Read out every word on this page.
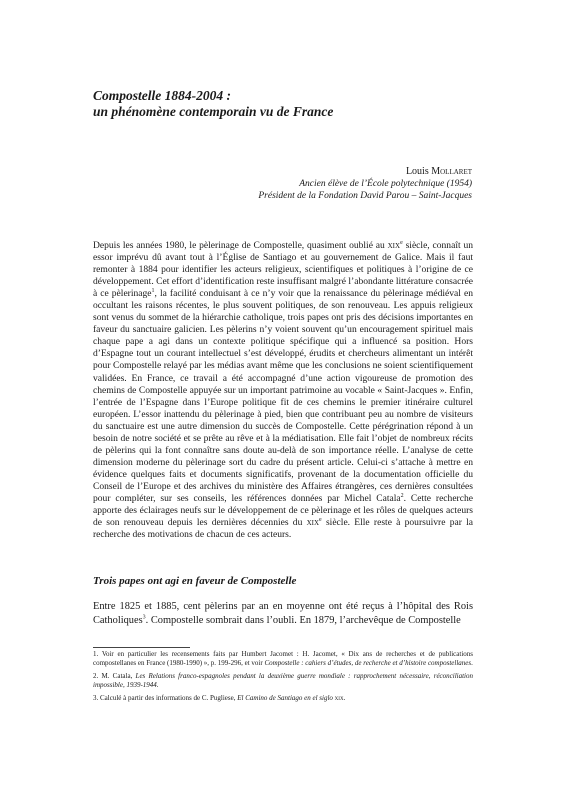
Compostelle 1884-2004 :
un phénomène contemporain vu de France
Louis Mollaret
Ancien élève de l’École polytechnique (1954)
Président de la Fondation David Parou – Saint-Jacques
Depuis les années 1980, le pèlerinage de Compostelle, quasiment oublié au xix$^e$ siècle, connaît un essor imprévu dû avant tout à l’Église de Santiago et au gouvernement de Galice. Mais il faut remonter à 1884 pour identifier les acteurs religieux, scientifiques et politiques à l’origine de ce développement. Cet effort d’identification reste insuffisant malgré l’abondante littérature consacrée à ce pèlerinage$^1$, la facilité conduisant à ce n’y voir que la renaissance du pèlerinage médiéval en occultant les raisons récentes, le plus souvent politiques, de son renouveau. Les appuis religieux sont venus du sommet de la hiérarchie catholique, trois papes ont pris des décisions importantes en faveur du sanctuaire galicien. Les pèlerins n’y voient souvent qu’un encouragement spirituel mais chaque pape a agi dans un contexte politique spécifique qui a influencé sa position. Hors d’Espagne tout un courant intellectuel s’est développé, érudits et chercheurs alimentant un intérêt pour Compostelle relayé par les médias avant même que les conclusions ne soient scientifiquement validées. En France, ce travail a été accompagné d’une action vigoureuse de promotion des chemins de Compostelle appuyée sur un important patrimoine au vocable « Saint-Jacques ». Enfin, l’entrée de l’Espagne dans l’Europe politique fit de ces chemins le premier itinéraire culturel européen. L’essor inattendu du pèlerinage à pied, bien que contribuant peu au nombre de visiteurs du sanctuaire est une autre dimension du succès de Compostelle. Cette pérégrination répond à un besoin de notre société et se prête au rêve et à la médiatisation. Elle fait l’objet de nombreux récits de pèlerins qui la font connaître sans doute au-delà de son importance réelle. L’analyse de cette dimension moderne du pèlerinage sort du cadre du présent article. Celui-ci s’attache à mettre en évidence quelques faits et documents significatifs, provenant de la documentation officielle du Conseil de l’Europe et des archives du ministère des Affaires étrangères, ces dernières consultées pour compléter, sur ses conseils, les références données par Michel Catala$^2$. Cette recherche apporte des éclairages neufs sur le développement de ce pèlerinage et les rôles de quelques acteurs de son renouveau depuis les dernières décennies du xix$^e$ siècle. Elle reste à poursuivre par la recherche des motivations de chacun de ces acteurs.
Trois papes ont agi en faveur de Compostelle
Entre 1825 et 1885, cent pèlerins par an en moyenne ont été reçus à l’hôpital des Rois Catholiques$^3$. Compostelle sombrait dans l’oubli. En 1879, l’archevêque de Compostelle
1. Voir en particulier les recensements faits par Humbert Jacomet : H. Jacomet, « Dix ans de recherches et de publications compostellanes en France (1980-1990) », p. 199-296, et voir Compostelle : cahiers d’études, de recherche et d’histoire compostellanes.
2. M. Catala, Les Relations franco-espagnoles pendant la deuxième guerre mondiale : rapprochement nécessaire, réconciliation impossible, 1939-1944.
3. Calculé à partir des informations de C. Pugliese, El Camino de Santiago en el siglo xix.
